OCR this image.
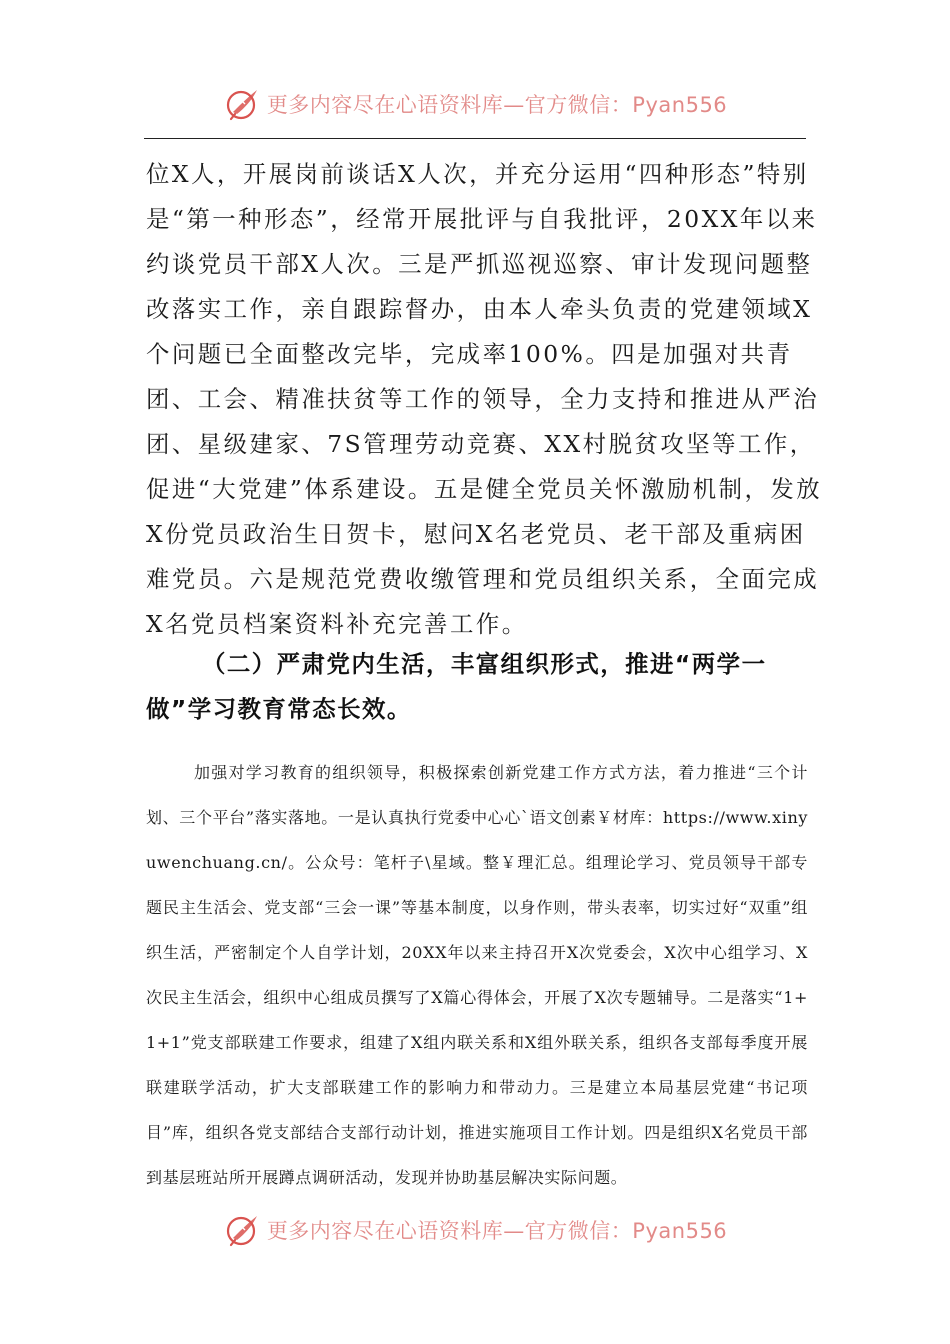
更多内容尽在心语资料库—官方微信：Pyan556

位X人，开展岗前谈话X人次，并充分运用“四种形态”特别是“第一种形态”，经常开展批评与自我批评，20XX年以来约谈党员干部X人次。三是严抓巡视巡察、审计发现问题整改落实工作，亲自跟踪督办，由本人牵头负责的党建领域X个问题已全面整改完毕，完成率100%。四是加强对共青团、工会、精准扶贫等工作的领导，全力支持和推进从严治团、星级建家、7S管理劳动竞赛、XX村脱贫攻坚等工作，促进“大党建”体系建设。五是健全党员关怀激励机制，发放X份党员政治生日贺卡，慰问X名老党员、老干部及重病困难党员。六是规范党费收缴管理和党员组织关系，全面完成X名党员档案资料补充完善工作。

（二）严肃党内生活，丰富组织形式，推进“两学一做”学习教育常态长效。

加强对学习教育的组织领导，积极探索创新党建工作方式方法，着力推进“三个计划、三个平台”落实落地。一是认真执行党委中心心`语文创素￥材库：https://www.xinyuwenchuang.cn/。公众号：笔杆子\星域。整￥理汇总。组理论学习、党员领导干部专题民主生活会、党支部“三会一课”等基本制度，以身作则，带头表率，切实过好“双重”组织生活，严密制定个人自学计划，20XX年以来主持召开X次党委会，X次中心组学习、X次民主生活会，组织中心组成员撰写了X篇心得体会，开展了X次专题辅导。二是落实“1+1+1”党支部联建工作要求，组建了X组内联关系和X组外联关系，组织各支部每季度开展联建联学活动，扩大支部联建工作的影响力和带动力。三是建立本局基层党建“书记项目”库，组织各党支部结合支部行动计划，推进实施项目工作计划。四是组织X名党员干部到基层班站所开展蹲点调研活动，发现并协助基层解决实际问题。

更多内容尽在心语资料库—官方微信：Pyan556
